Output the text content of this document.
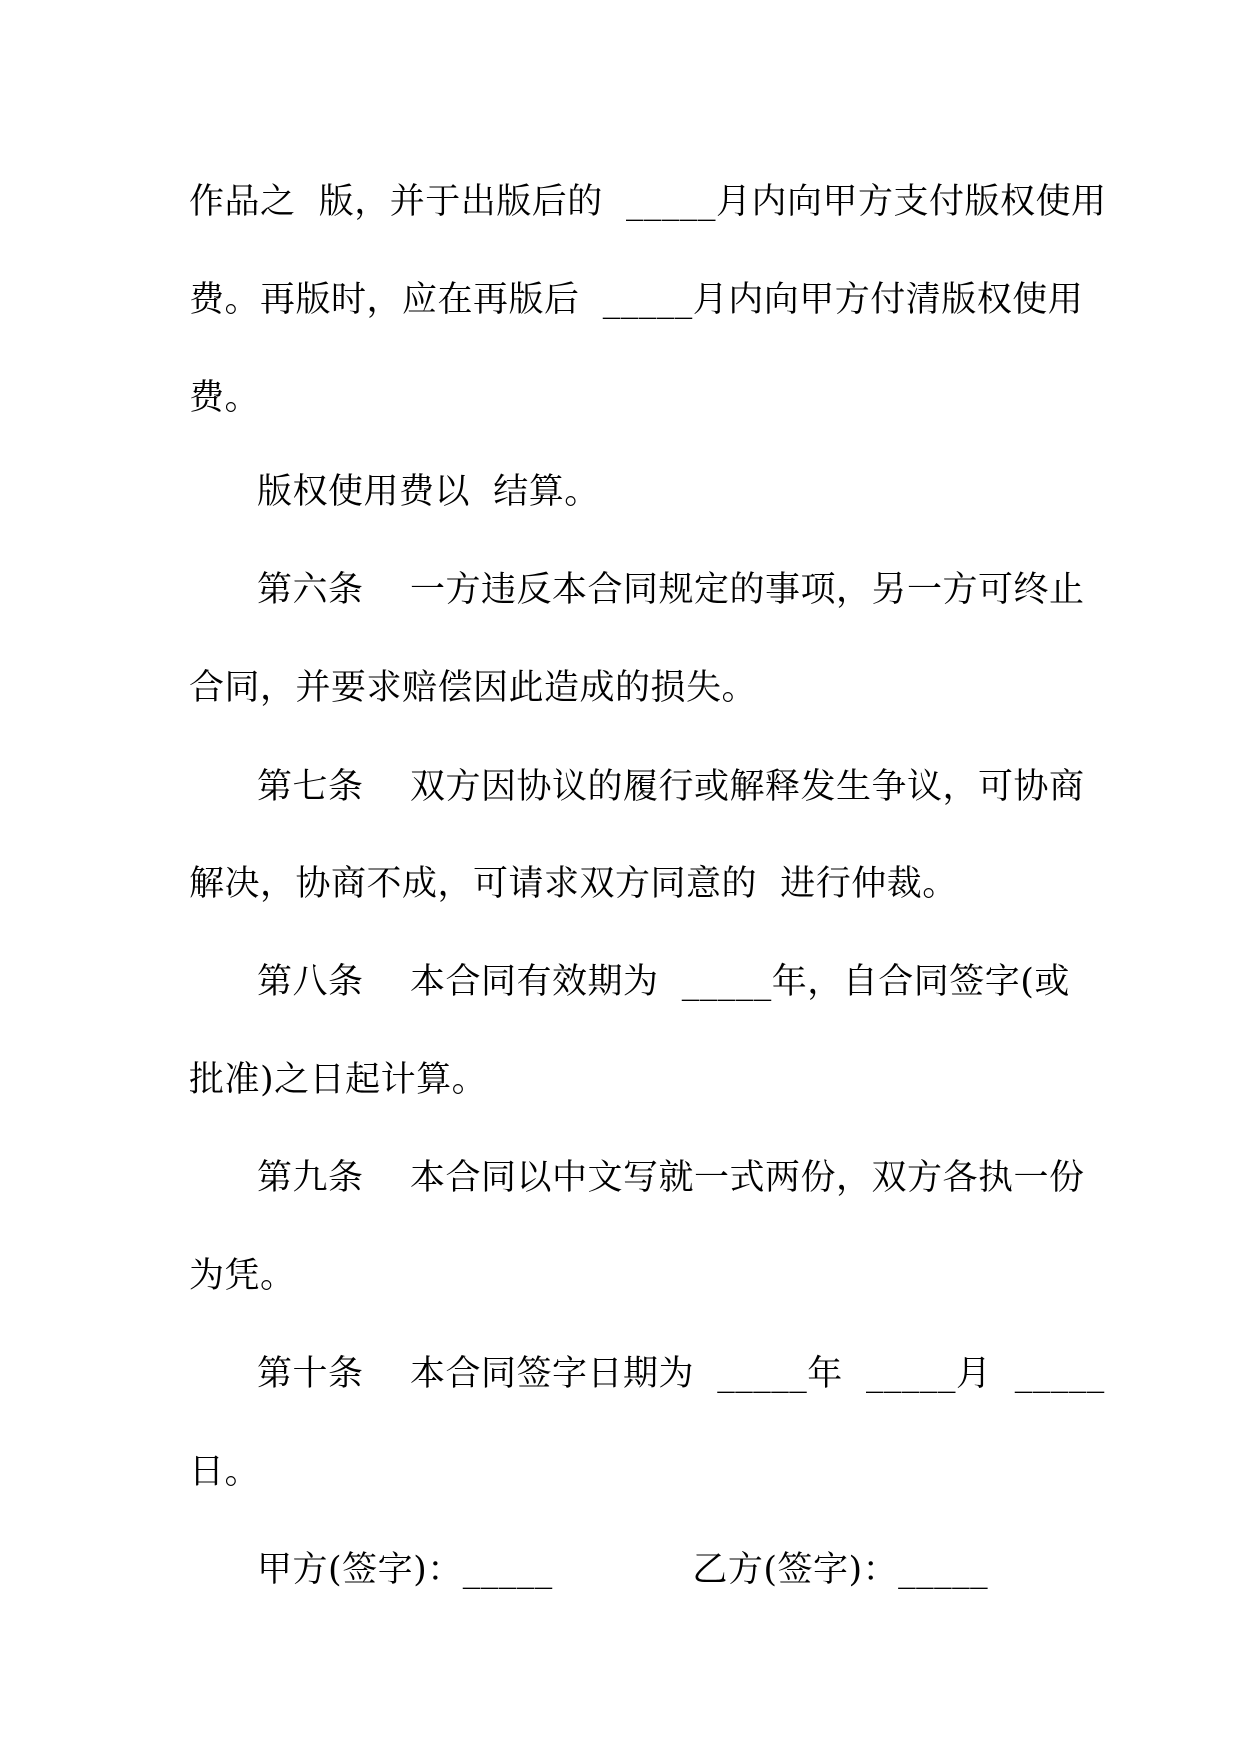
作品之  版，并于出版后的  _____月内向甲方支付版权使用
费。再版时，应在再版后  _____月内向甲方付清版权使用
费。
版权使用费以  结算。
第六条    一方违反本合同规定的事项，另一方可终止
合同，并要求赔偿因此造成的损失。
第七条    双方因协议的履行或解释发生争议，可协商
解决，协商不成，可请求双方同意的  进行仲裁。
第八条    本合同有效期为  _____年，自合同签字(或
批准)之日起计算。
第九条    本合同以中文写就一式两份，双方各执一份
为凭。
第十条    本合同签字日期为  _____年  _____月  _____
日。
甲方(签字)：_____            乙方(签字)：_____
